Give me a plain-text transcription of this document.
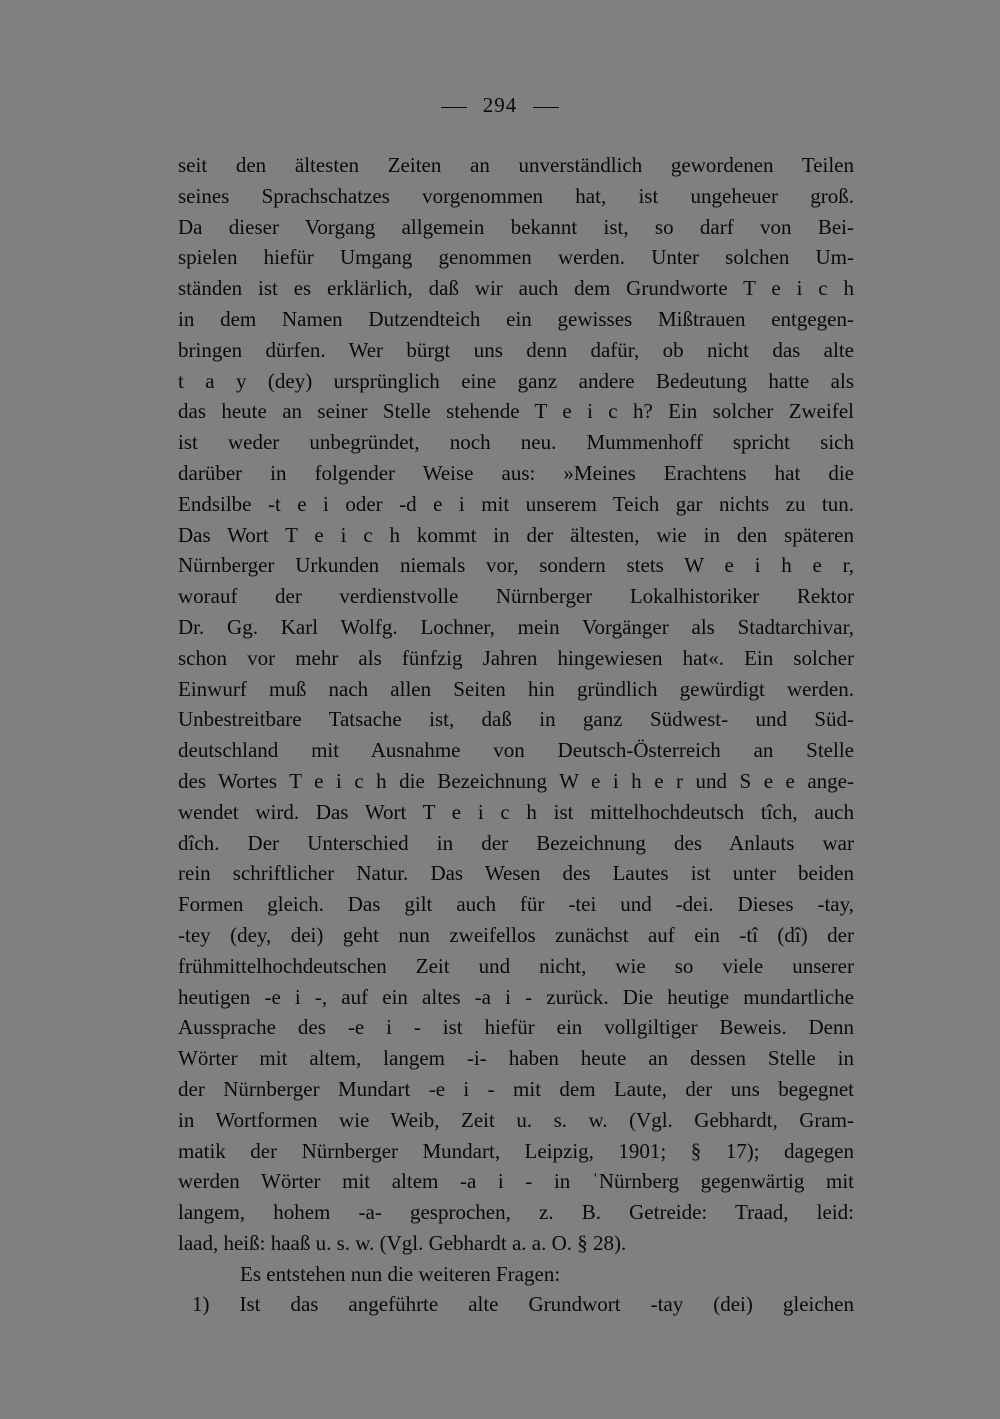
294
seit den ältesten Zeiten an unverständlich gewordenen Teilen
seines Sprachschatzes vorgenommen hat, ist ungeheuer groß.
Da dieser Vorgang allgemein bekannt ist, so darf von Bei-
spielen hiefür Umgang genommen werden. Unter solchen Um-
ständen ist es erklärlich, daß wir auch dem Grundworte T e i c h
in dem Namen Dutzendteich ein gewisses Mißtrauen entgegen-
bringen dürfen. Wer bürgt uns denn dafür, ob nicht das alte
t a y (dey) ursprünglich eine ganz andere Bedeutung hatte als
das heute an seiner Stelle stehende T e i c h? Ein solcher Zweifel
ist weder unbegründet, noch neu. Mummenhoff spricht sich
darüber in folgender Weise aus: »Meines Erachtens hat die
Endsilbe -t e i oder -d e i mit unserem Teich gar nichts zu tun.
Das Wort T e i c h kommt in der ältesten, wie in den späteren
Nürnberger Urkunden niemals vor, sondern stets W e i h e r,
worauf der verdienstvolle Nürnberger Lokalhistoriker Rektor
Dr. Gg. Karl Wolfg. Lochner, mein Vorgänger als Stadtarchivar,
schon vor mehr als fünfzig Jahren hingewiesen hat«. Ein solcher
Einwurf muß nach allen Seiten hin gründlich gewürdigt werden.
Unbestreitbare Tatsache ist, daß in ganz Südwest- und Süd-
deutschland mit Ausnahme von Deutsch-Österreich an Stelle
des Wortes T e i c h die Bezeichnung W e i h e r und S e e ange-
wendet wird. Das Wort T e i c h ist mittelhochdeutsch tîch, auch
dîch. Der Unterschied in der Bezeichnung des Anlauts war
rein schriftlicher Natur. Das Wesen des Lautes ist unter beiden
Formen gleich. Das gilt auch für -tei und -dei. Dieses -tay,
-tey (dey, dei) geht nun zweifellos zunächst auf ein -tî (dî) der
frühmittelhochdeutschen Zeit und nicht, wie so viele unserer
heutigen -e i -, auf ein altes -a i - zurück. Die heutige mundartliche
Aussprache des -e i - ist hiefür ein vollgiltiger Beweis. Denn
Wörter mit altem, langem -i- haben heute an dessen Stelle in
der Nürnberger Mundart -e i - mit dem Laute, der uns begegnet
in Wortformen wie Weib, Zeit u. s. w. (Vgl. Gebhardt, Gram-
matik der Nürnberger Mundart, Leipzig, 1901; § 17); dagegen
werden Wörter mit altem -a i - in ˈNürnberg gegenwärtig mit
langem, hohem -a- gesprochen, z. B. Getreide: Traad, leid:
laad, heiß: haaß u. s. w. (Vgl. Gebhardt a. a. O. § 28).
Es entstehen nun die weiteren Fragen:
1) Ist das angeführte alte Grundwort -tay (dei) gleichen
